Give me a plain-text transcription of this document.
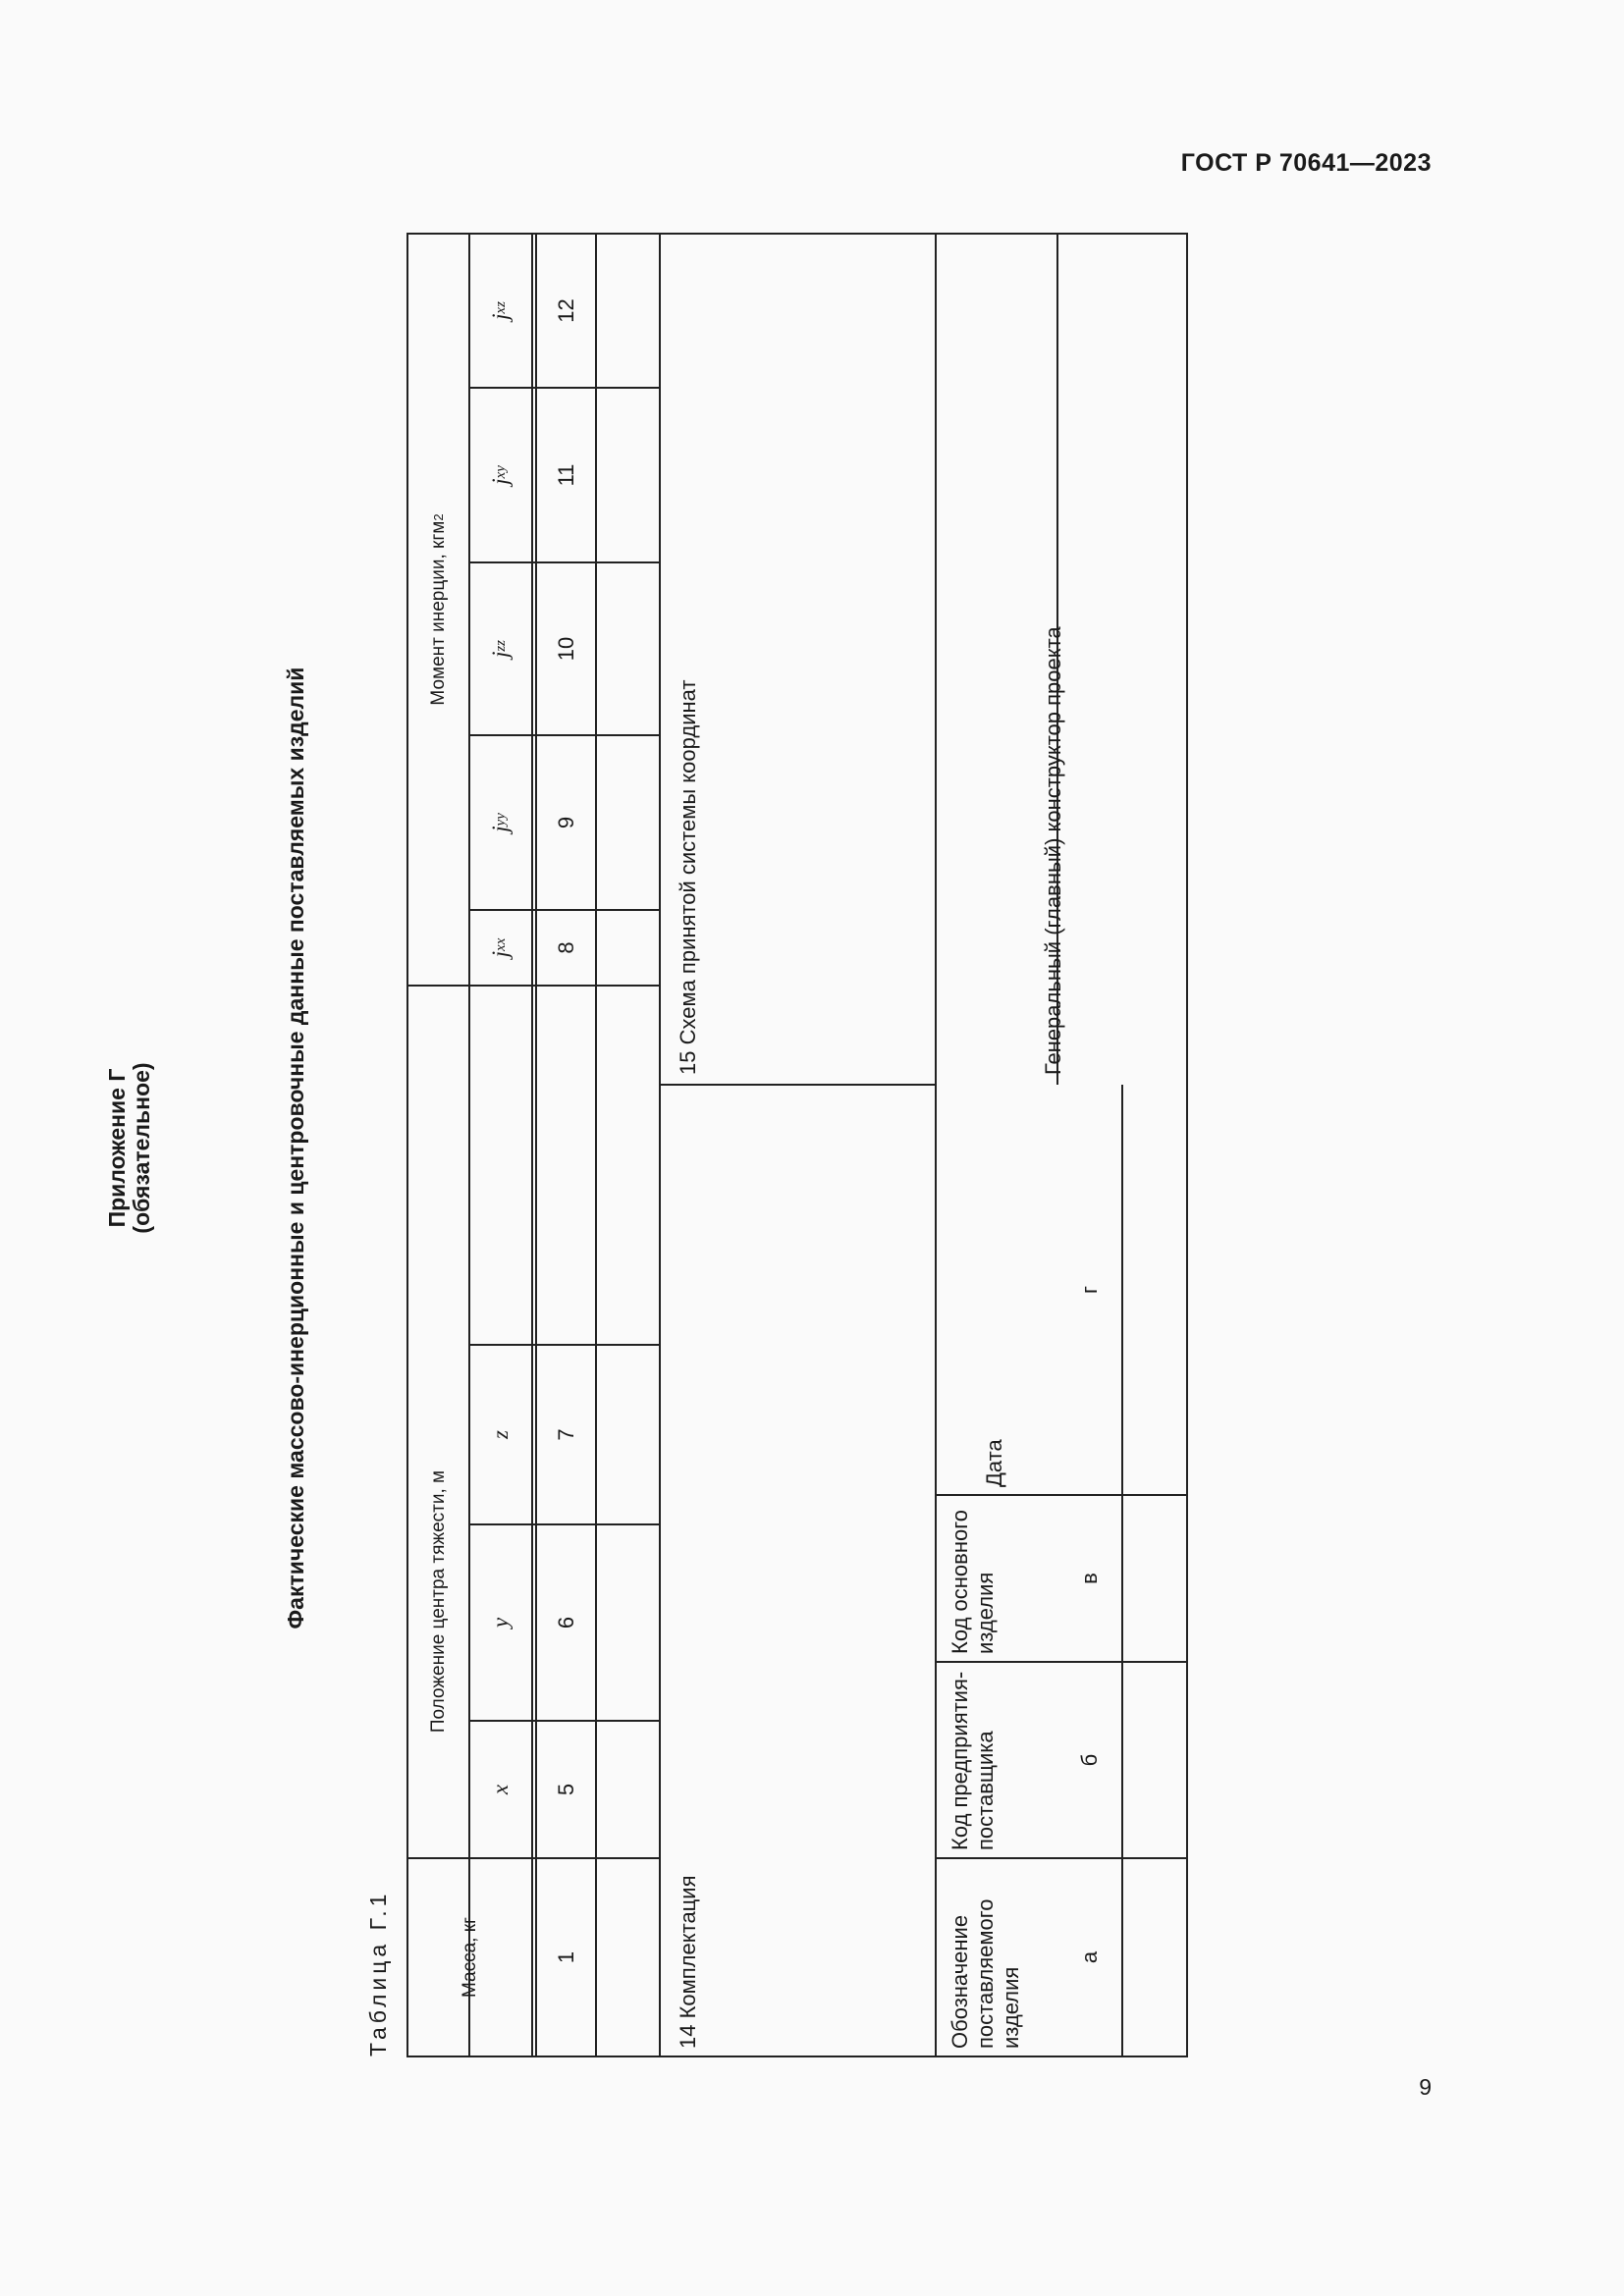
ГОСТ Р 70641—2023
9
Приложение Г (обязательное)	Фактические массово-инерционные и центровочные данные поставляемых изделий
Таблица Г.1	Масса, кг
Положение центра тяжести, м
Момент инерции, кгм
2
x
y
z
j
xx
j
yy
j
zz
j
xy
j
xz
1
5
6
7
8
9
10
11
12
14 Комплектация
15 Схема принятой системы координат
Обозначение поставляемого изделия
Код предприятия-поставщика
Код основного изделия
Дата
Генеральный (главный) конструктор проекта
а
б
в
г
